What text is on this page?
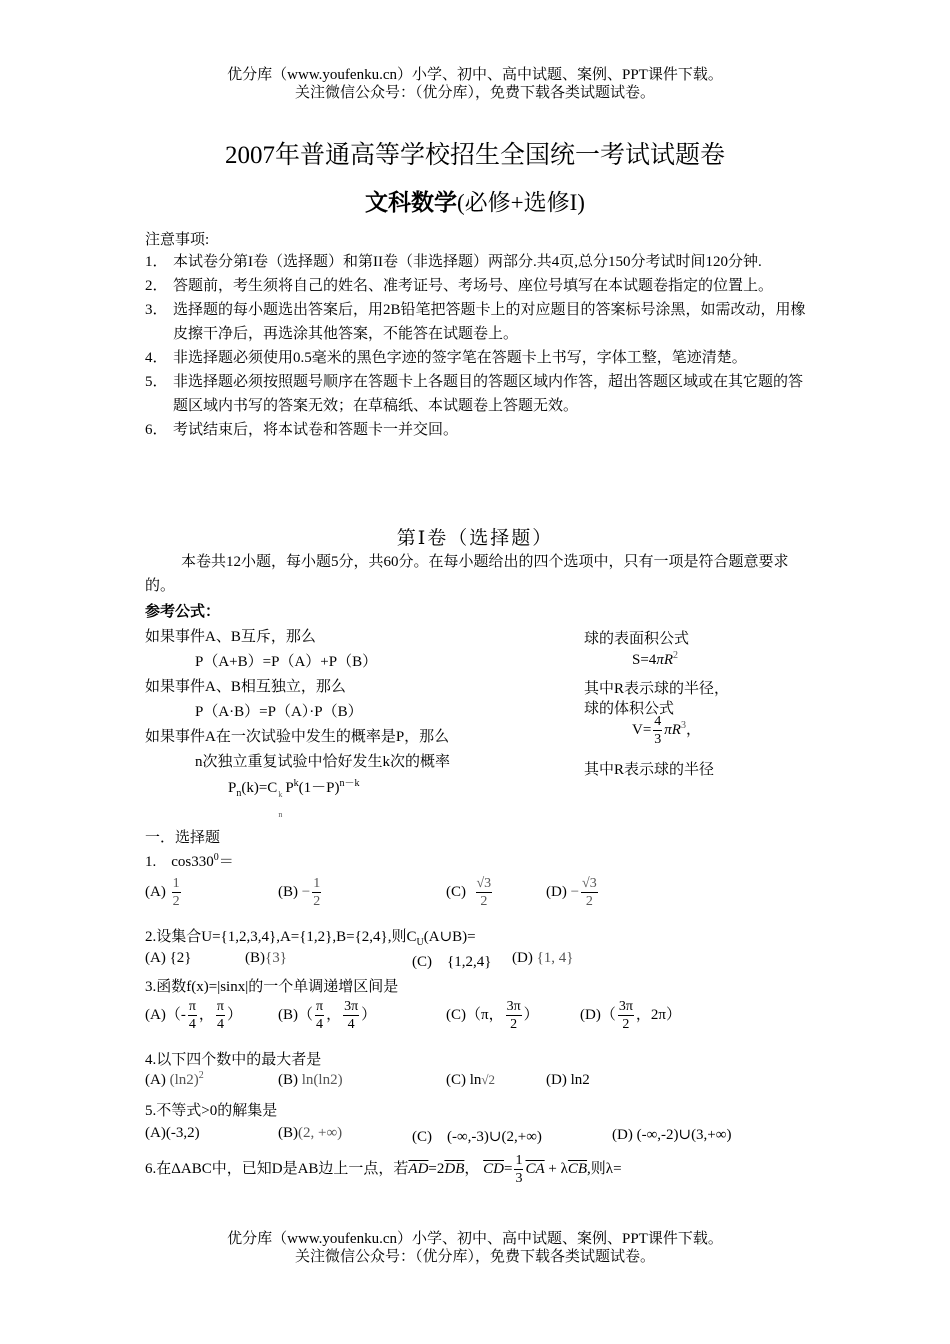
优分库（www.youfenku.cn）小学、初中、高中试题、案例、PPT课件下载。
关注微信公众号：（优分库），免费下载各类试题试卷。
2007年普通高等学校招生全国统一考试试题卷
文科数学(必修+选修I)
注意事项:
1． 本试卷分第I卷（选择题）和第II卷（非选择题）两部分.共4页,总分150分考试时间120分钟.
2． 答题前，考生须将自己的姓名、准考证号、考场号、座位号填写在本试题卷指定的位置上。
3． 选择题的每小题选出答案后，用2B铅笔把答题卡上的对应题目的答案标号涂黑，如需改动，用橡皮擦干净后，再选涂其他答案，不能答在试题卷上。
4． 非选择题必须使用0.5毫米的黑色字迹的签字笔在答题卡上书写，字体工整，笔迹清楚。
5． 非选择题必须按照题号顺序在答题卡上各题目的答题区域内作答，超出答题区域或在其它题的答题区域内书写的答案无效；在草稿纸、本试题卷上答题无效。
6． 考试结束后，将本试卷和答题卡一并交回。
第Ⅰ卷（选择题）
本卷共12小题，每小题5分，共60分。在每小题给出的四个选项中，只有一项是符合题意要求的。
参考公式：
如果事件A、B互斥，那么
P（A+B）=P（A）+P（B）
如果事件A、B相互独立，那么
P（A·B）=P（A）·P（B）
如果事件A在一次试验中发生的概率是P，那么
n次独立重复试验中恰好发生k次的概率
$P_n(k)=C$ k
n
$P^k(1-P)^{n-k}$
球的表面积公式
$S=4\pi R^2$
其中R表示球的半径，
球的体积公式
$V= \frac{4}{3} \pi R^3$，
其中R表示球的半径
一．选择题
1.　$\cos 330^0=$
$(A) \frac{1}{2}$	$(B) - \frac{1}{2}$	$(C) \frac{√3}{2}$	$(D) - \frac{√3}{2}$
2.设集合U={1,2,3,4},A={1,2},B={2,4},则$C_U(A\cup B)=$
(A) {2}	(B){3}	(C)　{1,2,4} (D) {1, 4}
3.函数f(x)=|sinx|的一个单调递增区间是
$(A)(- \frac{\pi}{4}$ ， $\frac{\pi}{4}$ ） $(B)( \frac{\pi}{4}$ ， $\frac{3\pi}{4}$ ）	(C)（π， $\frac{3\pi}{2}$ ）	$(D)( \frac{3\pi}{2}$ ，2π）
4.以下四个数中的最大者是
(A) $(\ln 2)^2$	(B) ln(ln2)	(C) ln√2	(D) ln2
5.不等式>0的解集是
(A)(-3,2)	(B)(2, +∞)	(C)　(-∞,-3)∪(2,+∞)	(D) (-∞,-2)∪(3,+∞)
6.在ΔABC中，已知D是AB边上一点，若$\overline{AD}=2\overline{DB}$， $\overline{CD}= \frac{1}{3} \overline{CA} + \lambda\overline{CB}$,则λ=
优分库（www.youfenku.cn）小学、初中、高中试题、案例、PPT课件下载。
关注微信公众号：（优分库），免费下载各类试题试卷。
